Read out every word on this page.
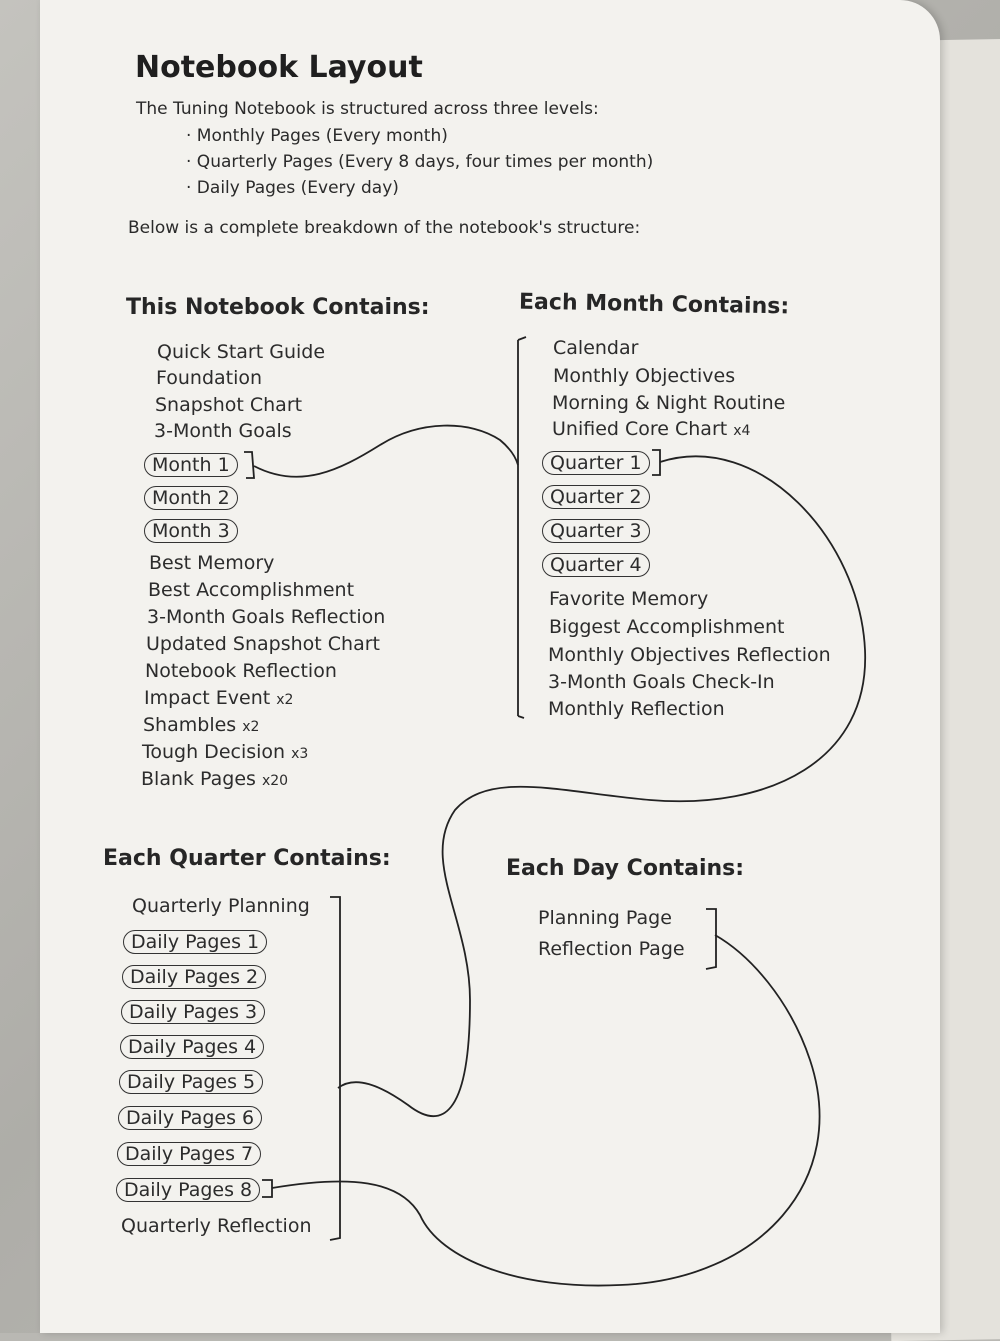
Notebook Layout
The Tuning Notebook is structured across three levels:
· Monthly Pages (Every month)
· Quarterly Pages (Every 8 days, four times per month)
· Daily Pages (Every day)
Below is a complete breakdown of the notebook's structure:
This Notebook Contains:
Quick Start Guide
Foundation
Snapshot Chart
3-Month Goals
Month 1
Month 2
Month 3
Best Memory
Best Accomplishment
3-Month Goals Reflection
Updated Snapshot Chart
Notebook Reflection
Impact Event x2
Shambles x2
Tough Decision x3
Blank Pages x20
Each Month Contains:
Calendar
Monthly Objectives
Morning & Night Routine
Unified Core Chart x4
Quarter 1
Quarter 2
Quarter 3
Quarter 4
Favorite Memory
Biggest Accomplishment
Monthly Objectives Reflection
3-Month Goals Check-In
Monthly Reflection
Each Quarter Contains:
Quarterly Planning
Daily Pages 1
Daily Pages 2
Daily Pages 3
Daily Pages 4
Daily Pages 5
Daily Pages 6
Daily Pages 7
Daily Pages 8
Quarterly Reflection
Each Day Contains:
Planning Page
Reflection Page
